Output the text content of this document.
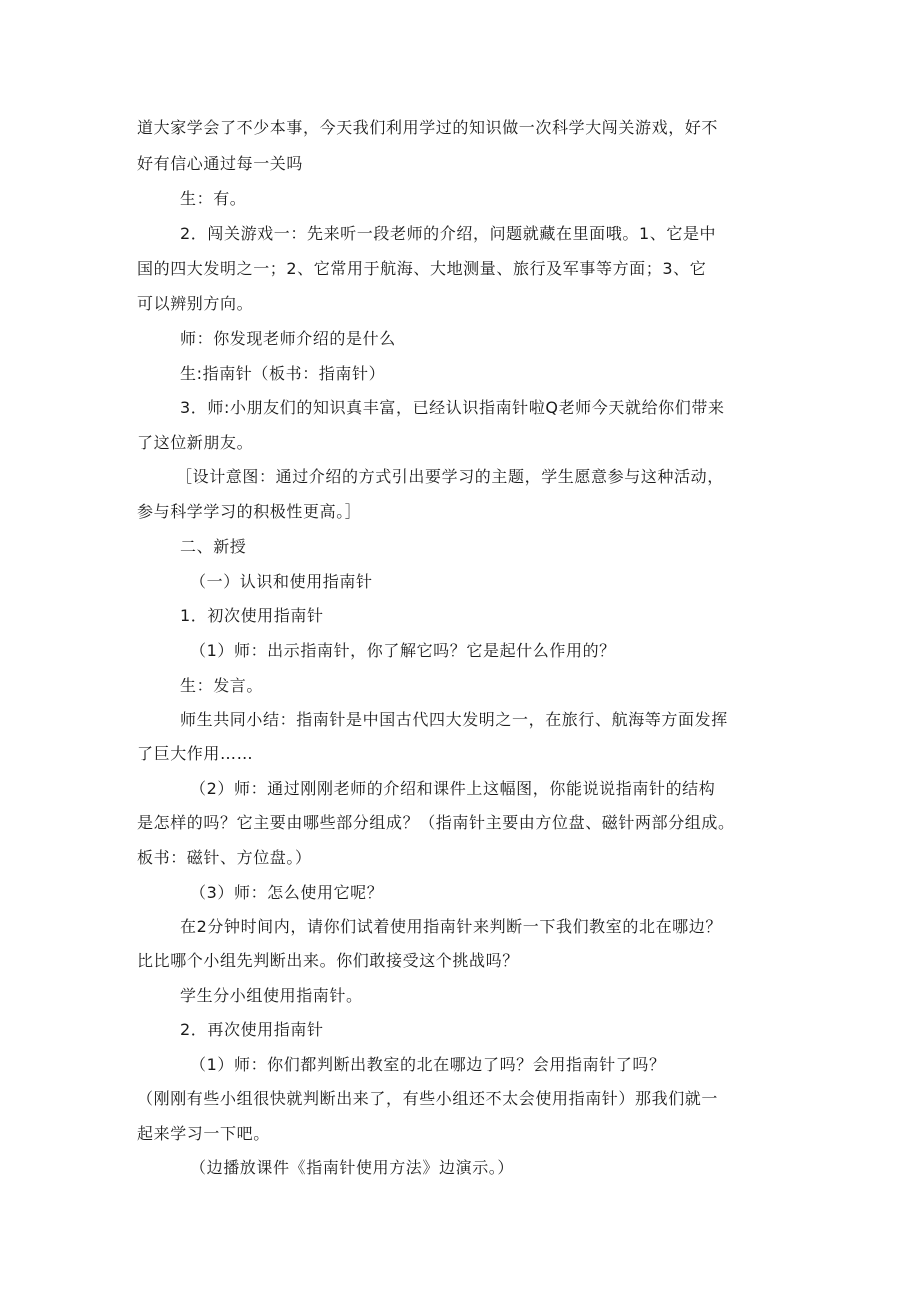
道大家学会了不少本事，今天我们利用学过的知识做一次科学大闯关游戏，好不
好有信心通过每一关吗
生：有。
2．闯关游戏一：先来听一段老师的介绍，问题就藏在里面哦。1、它是中
国的四大发明之一；2、它常用于航海、大地测量、旅行及军事等方面；3、它
可以辨别方向。
师：你发现老师介绍的是什么
生:指南针（板书：指南针）
3．师:小朋友们的知识真丰富，已经认识指南针啦Q老师今天就给你们带来
了这位新朋友。
［设计意图：通过介绍的方式引出要学习的主题，学生愿意参与这种活动，
参与科学学习的积极性更高。］
二、新授
（一）认识和使用指南针
1．初次使用指南针
（1）师：出示指南针，你了解它吗？它是起什么作用的？
生：发言。
师生共同小结：指南针是中国古代四大发明之一，在旅行、航海等方面发挥
了巨大作用……
（2）师：通过刚刚老师的介绍和课件上这幅图，你能说说指南针的结构
是怎样的吗？它主要由哪些部分组成？（指南针主要由方位盘、磁针两部分组成。
板书：磁针、方位盘。）
（3）师：怎么使用它呢？
在2分钟时间内，请你们试着使用指南针来判断一下我们教室的北在哪边？
比比哪个小组先判断出来。你们敢接受这个挑战吗？
学生分小组使用指南针。
2．再次使用指南针
（1）师：你们都判断出教室的北在哪边了吗？会用指南针了吗？
（刚刚有些小组很快就判断出来了，有些小组还不太会使用指南针）那我们就一
起来学习一下吧。
（边播放课件《指南针使用方法》边演示。）
